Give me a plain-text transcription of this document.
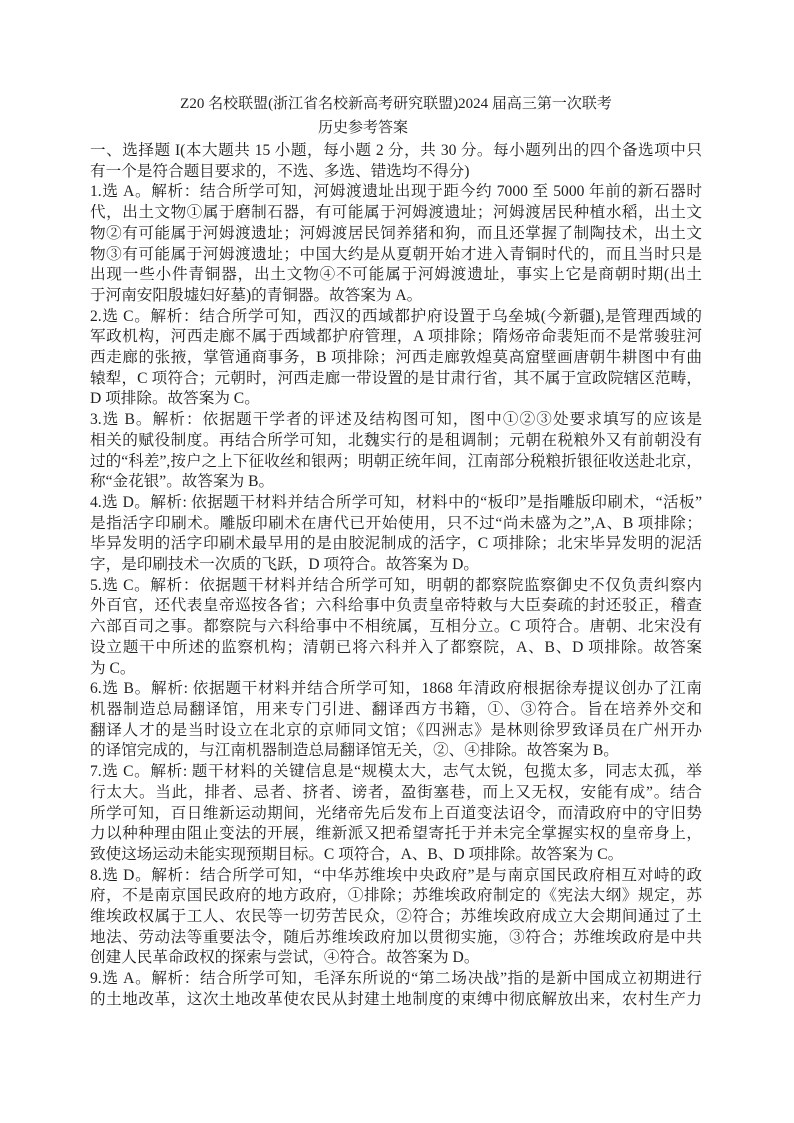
Z20 名校联盟(浙江省名校新高考研究联盟)2024 届高三第一次联考
历史参考答案
一、选择题 I(本大题共 15 小题，每小题 2 分，共 30 分。每小题列出的四个备选项中只
有一个是符合题目要求的，不选、多选、错选均不得分)
1.选 A。解析：结合所学可知，河姆渡遗址出现于距今约 7000 至 5000 年前的新石器时
代，出土文物①属于磨制石器，有可能属于河姆渡遗址；河姆渡居民种植水稻，出土文
物②有可能属于河姆渡遗址；河姆渡居民饲养猪和狗，而且还掌握了制陶技术，出土文
物③有可能属于河姆渡遗址；中国大约是从夏朝开始才进入青铜时代的，而且当时只是
出现一些小件青铜器，出土文物④不可能属于河姆渡遗址，事实上它是商朝时期(出土
于河南安阳殷墟妇好墓)的青铜器。故答案为 A。
2.选 C。解析：结合所学可知，西汉的西域都护府设置于乌垒城(今新疆),是管理西域的
军政机构，河西走廊不属于西域都护府管理，A 项排除；隋炀帝命裴矩而不是常骏驻河
西走廊的张掖，掌管通商事务，B 项排除；河西走廊敦煌莫高窟壁画唐朝牛耕图中有曲
辕犁，C 项符合；元朝时，河西走廊一带设置的是甘肃行省，其不属于宣政院辖区范畴，
D 项排除。故答案为 C。
3.选 B。解析：依据题干学者的评述及结构图可知，图中①②③处要求填写的应该是
相关的赋役制度。再结合所学可知，北魏实行的是租调制；元朝在税粮外又有前朝没有
过的“科差”,按户之上下征收丝和银两；明朝正统年间，江南部分税粮折银征收送赴北京，
称“金花银”。故答案为 B。
4.选 D。解析: 依据题干材料并结合所学可知，材料中的“板印”是指雕版印刷术，“活板”
是指活字印刷术。雕版印刷术在唐代已开始使用，只不过“尚未盛为之”,A、B 项排除；
毕异发明的活字印刷术最早用的是由胶泥制成的活字，C 项排除；北宋毕异发明的泥活
字，是印刷技术一次质的飞跃，D 项符合。故答案为 D。
5.选 C。解析：依据题干材料并结合所学可知，明朝的都察院监察御史不仅负责纠察内
外百官，还代表皇帝巡按各省；六科给事中负责皇帝特敕与大臣奏疏的封还驳正，稽查
六部百司之事。都察院与六科给事中不相统属，互相分立。C 项符合。唐朝、北宋没有
设立题干中所述的监察机构；清朝已将六科并入了都察院，A、B、D 项排除。故答案
为 C。
6.选 B。解析: 依据题干材料并结合所学可知，1868 年清政府根据徐寿提议创办了江南
机器制造总局翻译馆，用来专门引进、翻译西方书籍，①、③符合。旨在培养外交和
翻译人才的是当时设立在北京的京师同文馆；《四洲志》是林则徐罗致译员在广州开办
的译馆完成的，与江南机器制造总局翻译馆无关，②、④排除。故答案为 B。
7.选 C。解析: 题干材料的关键信息是“规模太大，志气太锐，包揽太多，同志太孤，举
行太大。当此，排者、忌者、挤者、谤者，盈街塞巷，而上又无权，安能有成”。结合
所学可知，百日维新运动期间，光绪帝先后发布上百道变法诏令，而清政府中的守旧势
力以种种理由阻止变法的开展，维新派又把希望寄托于并未完全掌握实权的皇帝身上，
致使这场运动未能实现预期目标。C 项符合，A、B、D 项排除。故答案为 C。
8.选 D。解析：结合所学可知，“中华苏维埃中央政府”是与南京国民政府相互对峙的政
府，不是南京国民政府的地方政府，①排除；苏维埃政府制定的《宪法大纲》规定，苏
维埃政权属于工人、农民等一切劳苦民众，②符合；苏维埃政府成立大会期间通过了土
地法、劳动法等重要法令，随后苏维埃政府加以贯彻实施，③符合；苏维埃政府是中共
创建人民革命政权的探索与尝试，④符合。故答案为 D。
9.选 A。解析：结合所学可知，毛泽东所说的“第二场决战”指的是新中国成立初期进行
的土地改革，这次土地改革使农民从封建土地制度的束缚中彻底解放出来，农村生产力
